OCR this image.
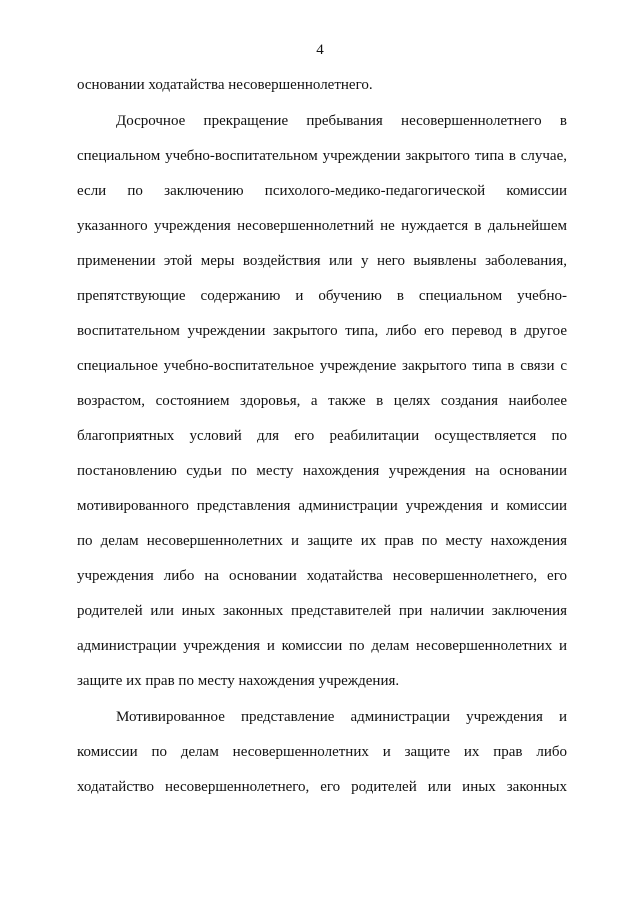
4
основании ходатайства несовершеннолетнего.
Досрочное прекращение пребывания несовершеннолетнего в
специальном учебно-воспитательном учреждении закрытого типа в случае,
если по заключению психолого-медико-педагогической комиссии
указанного учреждения несовершеннолетний не нуждается в дальнейшем
применении этой меры воздействия или у него выявлены заболевания,
препятствующие содержанию и обучению в специальном учебно-
воспитательном учреждении закрытого типа, либо его перевод в другое
специальное учебно-воспитательное учреждение закрытого типа в связи с
возрастом, состоянием здоровья, а также в целях создания наиболее
благоприятных условий для его реабилитации осуществляется по
постановлению судьи по месту нахождения учреждения на основании
мотивированного представления администрации учреждения и комиссии
по делам несовершеннолетних и защите их прав по месту нахождения
учреждения либо на основании ходатайства несовершеннолетнего, его
родителей или иных законных представителей при наличии заключения
администрации учреждения и комиссии по делам несовершеннолетних и
защите их прав по месту нахождения учреждения.
Мотивированное представление администрации учреждения и
комиссии по делам несовершеннолетних и защите их прав либо
ходатайство несовершеннолетнего, его родителей или иных законных
